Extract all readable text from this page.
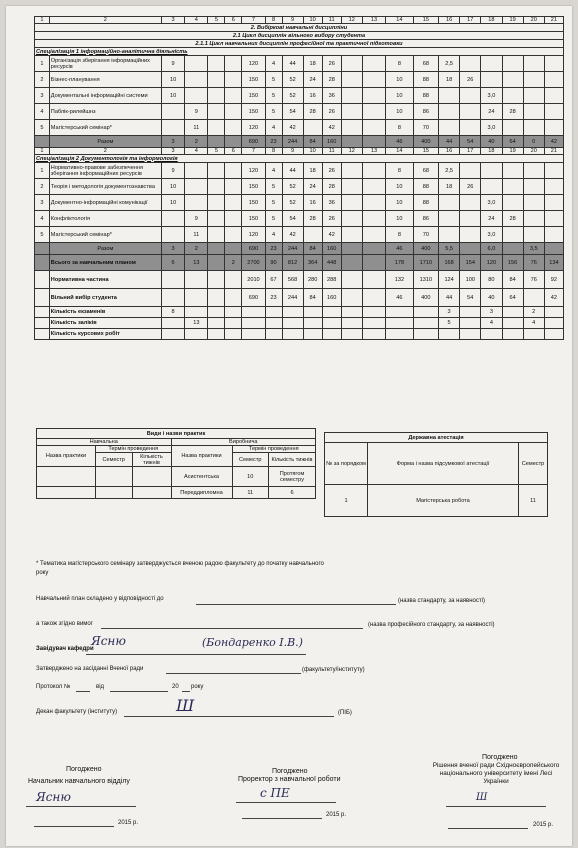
1	2	3	4	5	6	7	8	9	10	11	12	13	14	15	16	17	18	19	20	21
2. Вибіркові навчальні дисципліни																				
2.1 Цикл дисциплін вільного вибору студента																				
2.1.1 Цикл навчальних дисциплін професійної та практичної підготовки																				
Спеціалізація 1 інформаційно-аналітична діяльність																				
1	Організація зберігання інформаційних ресурсів	9				120	4	44	18	26			8	68	2,5					
2	Бізнес-планування	10				150	5	52	24	28			10	88	18	26				
3	Документальні інформаційні системи	10				150	5	52	16	36			10	88			3,0			
4	Паблік-рилейшнз		9			150	5	54	28	26			10	86			24	28		
5	Магістерський семінар*		11			120	4	42		42			8	70			3,0			
	Разом	3	2			690	23	244	84	160			46	400	44	54	40	64	0	42
1	2	3	4	5	6	7	8	9	10	11	12	13	14	15	16	17	18	19	20	21
Спеціалізація 2 Документологія та інформологія																				
1	Нормативно-правове забезпечення зберігання інформаційних ресурсів	9				120	4	44	18	26			8	68	2,5					
2	Теорія і методологія документознавства	10				150	5	52	24	28			10	88	18	26				
3	Документно-інформаційні комунікації	10				150	5	52	16	36			10	88			3,0			
4	Конфліктологія		9			150	5	54	28	26			10	86			24	28		
5	Магістерський семінар*		11			120	4	42		42			8	70			3,0			
	Разом	3	2			690	23	244	84	160			46	400	5,5		6,0		3,5	
	Всього за навчальним планом	6	13		2	2700	90	812	364	448			178	1710	168	154	120	156	76	134
	Нормативна частина					2010	67	568	280	288			132	1310	124	100	80	84	76	92
	Вільний вибір студента					690	23	244	84	160			46	400	44	54	40	64		42
	Кількість екзаменів	8													3		3		2	
	Кількість заліків		13												5		4		4	
	Кількість курсових робіт																			
Види і назви практик					
Навчальна			Виробнича		
Назва практики	Термін проведення		Назва практики	Термін проведення	
	Семестр	Кількість тижнів		Семестр	Кількість тижнів
			Асистентська	10	Протягом семестру
			Переддипломна	11	6
Державна атестація		
№ за порядком	Форма і назва підсумкової атестації	Семестр
1	Магістерська робота	11
* Тематика магістерського семінару затверджується вченою радою факультету до початку навчального року
Навчальний план складено у відповідності до	(назва стандарту, за наявності)
а також згідно вимог	(назва професійного стандарту, за наявності)
Завідувач кафедри
Ясню	(Бондаренко І.В.)
Затверджено на засіданні Вченої ради	(факультету/інституту)
Протокол №	від	20 року
Декан факультету (інституту)	Ш	(ПІБ)
Погоджено
Начальник навчального відділу
Ясню
2015 р.
Погоджено
Проректор з навчальної роботи
с ПЕ
2015 р.
Погоджено
Рішення вченої ради Східноєвропейського національного університету імені Лесі Українки
Ш
2015 р.
